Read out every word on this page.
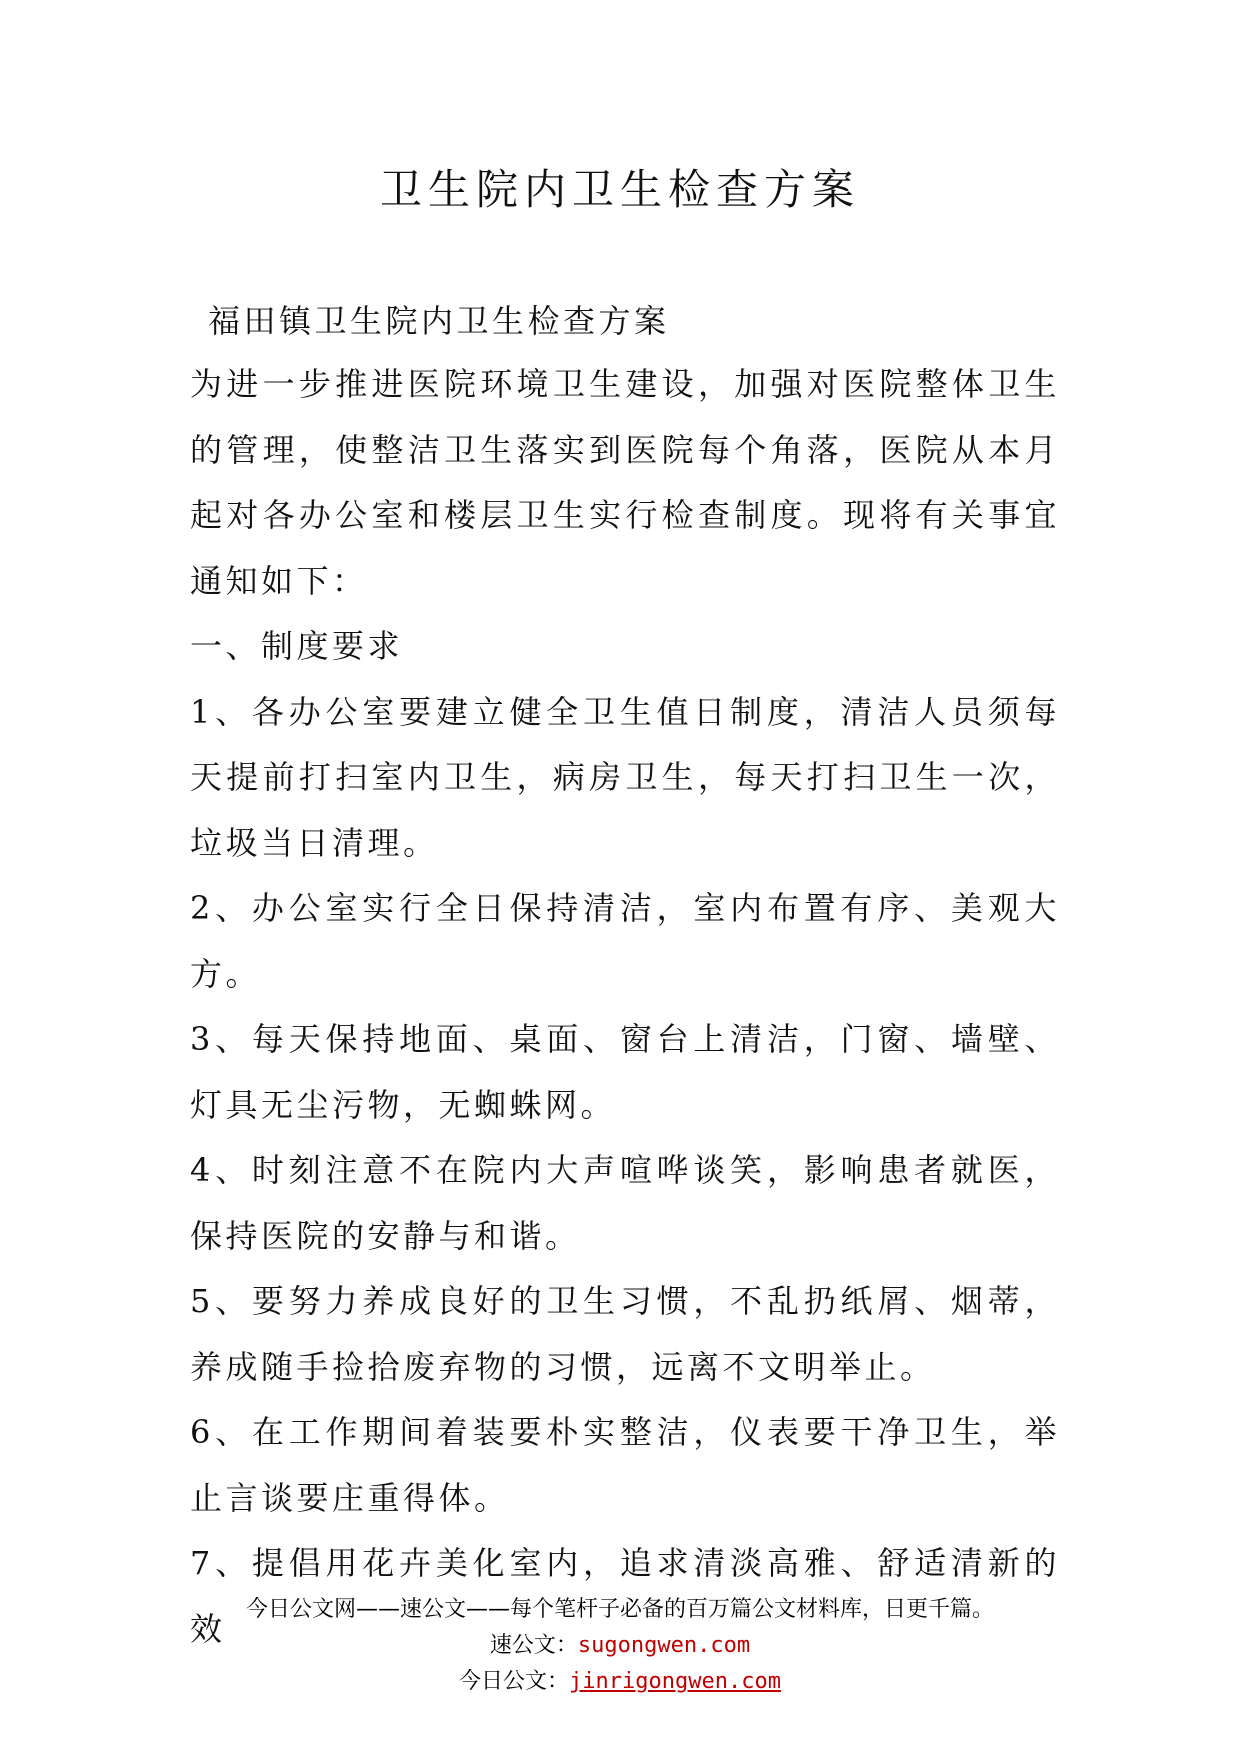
卫生院内卫生检查方案

福田镇卫生院内卫生检查方案

为进一步推进医院环境卫生建设，加强对医院整体卫生的管理，使整洁卫生落实到医院每个角落，医院从本月起对各办公室和楼层卫生实行检查制度。现将有关事宜通知如下：

一、制度要求

1、各办公室要建立健全卫生值日制度，清洁人员须每天提前打扫室内卫生，病房卫生，每天打扫卫生一次，垃圾当日清理。

2、办公室实行全日保持清洁，室内布置有序、美观大方。

3、每天保持地面、桌面、窗台上清洁，门窗、墙壁、灯具无尘污物，无蜘蛛网。

4、时刻注意不在院内大声喧哗谈笑，影响患者就医，保持医院的安静与和谐。

5、要努力养成良好的卫生习惯，不乱扔纸屑、烟蒂，养成随手捡拾废弃物的习惯，远离不文明举止。

6、在工作期间着装要朴实整洁，仪表要干净卫生，举止言谈要庄重得体。

7、提倡用花卉美化室内，追求清淡高雅、舒适清新的效 今日公文网——速公文——每个笔杆子必备的百万篇公文材料库，日更千篇。

速公文：sugongwen.com

今日公文：jinrigongwen.com
